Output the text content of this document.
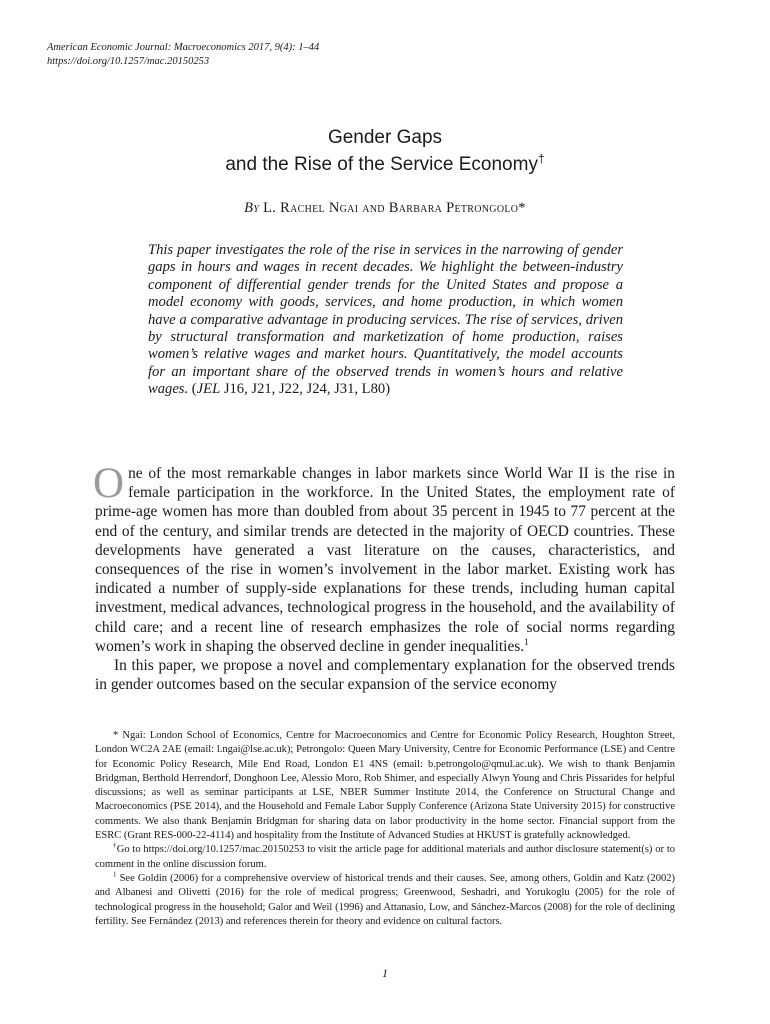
American Economic Journal: Macroeconomics 2017, 9(4): 1–44
https://doi.org/10.1257/mac.20150253
Gender Gaps
and the Rise of the Service Economy†
By L. Rachel Ngai and Barbara Petrongolo*
This paper investigates the role of the rise in services in the narrowing of gender gaps in hours and wages in recent decades. We highlight the between-industry component of differential gender trends for the United States and propose a model economy with goods, services, and home production, in which women have a comparative advantage in producing services. The rise of services, driven by structural transformation and marketization of home production, raises women’s relative wages and market hours. Quantitatively, the model accounts for an important share of the observed trends in women’s hours and relative wages. (JEL J16, J21, J22, J24, J31, L80)

One of the most remarkable changes in labor markets since World War II is the rise in female participation in the workforce. In the United States, the employment rate of prime-age women has more than doubled from about 35 percent in 1945 to 77 percent at the end of the century, and similar trends are detected in the majority of OECD countries. These developments have generated a vast literature on the causes, characteristics, and consequences of the rise in women’s involvement in the labor market. Existing work has indicated a number of supply-side explanations for these trends, including human capital investment, medical advances, technological progress in the household, and the availability of child care; and a recent line of research emphasizes the role of social norms regarding women’s work in shaping the observed decline in gender inequalities.$^1$

In this paper, we propose a novel and complementary explanation for the observed trends in gender outcomes based on the secular expansion of the service economy

* Ngai: London School of Economics, Centre for Macroeconomics and Centre for Economic Policy Research, Houghton Street, London WC2A 2AE (email: l.ngai@lse.ac.uk); Petrongolo: Queen Mary University, Centre for Economic Performance (LSE) and Centre for Economic Policy Research, Mile End Road, London E1 4NS (email: b.petrongolo@qmul.ac.uk). We wish to thank Benjamin Bridgman, Berthold Herrendorf, Donghoon Lee, Alessio Moro, Rob Shimer, and especially Alwyn Young and Chris Pissarides for helpful discussions; as well as seminar participants at LSE, NBER Summer Institute 2014, the Conference on Structural Change and Macroeconomics (PSE 2014), and the Household and Female Labor Supply Conference (Arizona State University 2015) for constructive comments. We also thank Benjamin Bridgman for sharing data on labor productivity in the home sector. Financial support from the ESRC (Grant RES-000-22-4114) and hospitality from the Institute of Advanced Studies at HKUST is gratefully acknowledged.

†Go to https://doi.org/10.1257/mac.20150253 to visit the article page for additional materials and author disclosure statement(s) or to comment in the online discussion forum.

$^1$ See Goldin (2006) for a comprehensive overview of historical trends and their causes. See, among others, Goldin and Katz (2002) and Albanesi and Olivetti (2016) for the role of medical progress; Greenwood, Seshadri, and Yorukoglu (2005) for the role of technological progress in the household; Galor and Weil (1996) and Attanasio, Low, and Sánchez-Marcos (2008) for the role of declining fertility. See Fernández (2013) and references therein for theory and evidence on cultural factors.

1
